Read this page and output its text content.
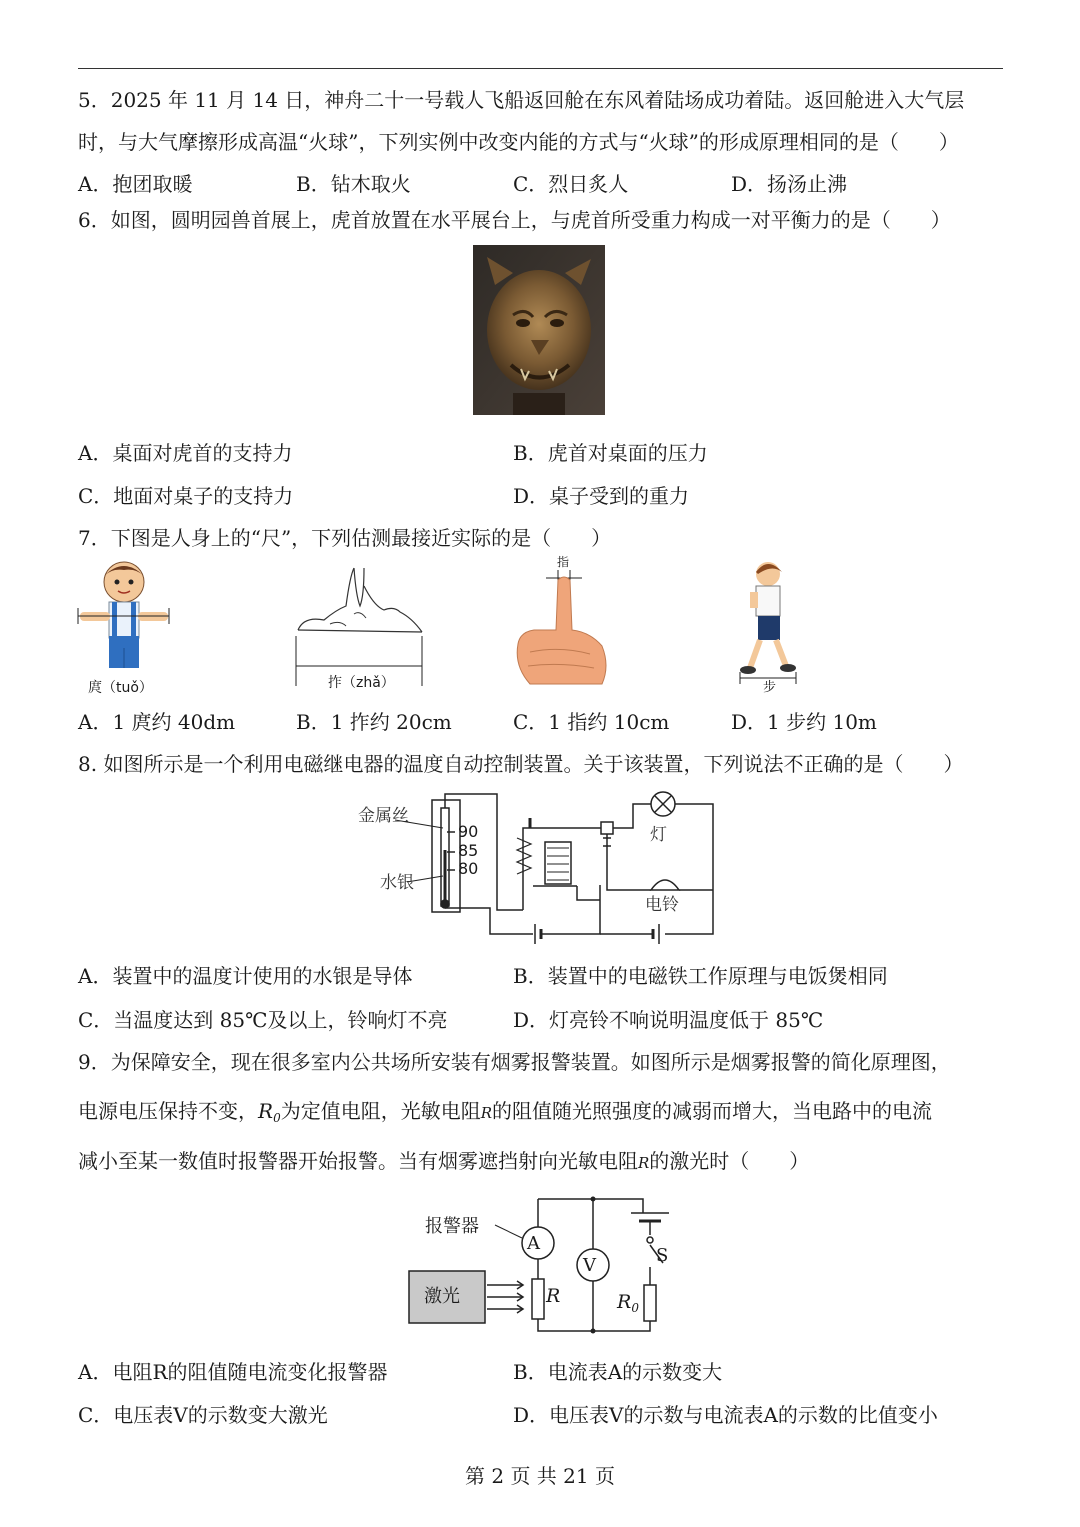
5．2025 年 11 月 14 日，神舟二十一号载人飞船返回舱在东风着陆场成功着陆。返回舱进入大气层
时，与大气摩擦形成高温“火球”，下列实例中改变内能的方式与“火球”的形成原理相同的是（　　）
A．抱团取暖	B．钻木取火	C．烈日炙人	D．扬汤止沸
6．如图，圆明园兽首展上，虎首放置在水平展台上，与虎首所受重力构成一对平衡力的是（　　）
A．桌面对虎首的支持力	B．虎首对桌面的压力
C．地面对桌子的支持力	D．桌子受到的重力
7．下图是人身上的“尺”，下列估测最接近实际的是（　　）
庹（tuǒ）	拃（zhǎ）
指
步
A．1 庹约 40dm	B．1 拃约 20cm	C．1 指约 10cm	D．1 步约 10m
8. 如图所示是一个利用电磁继电器的温度自动控制装置。关于该装置，下列说法不正确的是（　　）
金属丝
水银
90
85
80
灯
电铃
A．装置中的温度计使用的水银是导体	B．装置中的电磁铁工作原理与电饭煲相同
C．当温度达到 85℃及以上，铃响灯不亮	D．灯亮铃不响说明温度低于 85℃
9．为保障安全，现在很多室内公共场所安装有烟雾报警装置。如图所示是烟雾报警的简化原理图，
电源电压保持不变，$R_0$为定值电阻，光敏电阻R的阻值随光照强度的减弱而增大，当电路中的电流
减小至某一数值时报警器开始报警。当有烟雾遮挡射向光敏电阻R的激光时（　　）
报警器
激光
A
V
R	$R_0$
S
A．电阻R的阻值随电流变化报警器	B．电流表A的示数变大
C．电压表V的示数变大激光	D．电压表V的示数与电流表A的示数的比值变小
第 2 页 共 21 页
